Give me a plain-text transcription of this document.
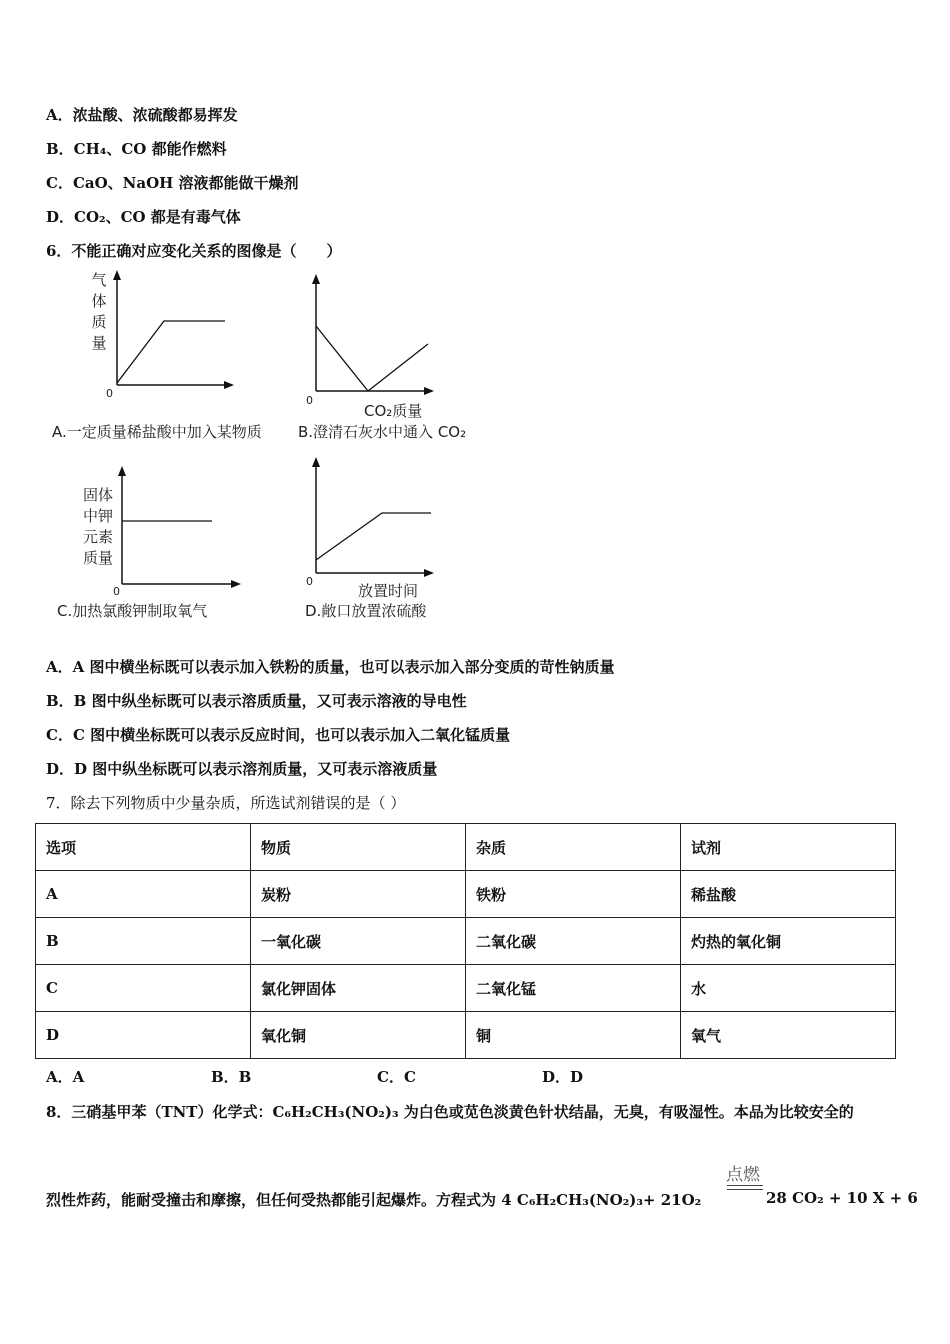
A．浓盐酸、浓硫酸都易挥发
B．CH₄、CO 都能作燃料
C．CaO、NaOH 溶液都能做干燥剂
D．CO₂、CO 都是有毒气体
6．不能正确对应变化关系的图像是（　　）
气
体
质
量
0
A.一定质量稀盐酸中加入某物质
0
CO₂质量
B.澄清石灰水中通入 CO₂
固体
中钾
元素
质量
0
C.加热氯酸钾制取氧气
0
放置时间
D.敞口放置浓硫酸
A．A 图中横坐标既可以表示加入铁粉的质量，也可以表示加入部分变质的苛性钠质量
B．B 图中纵坐标既可以表示溶质质量，又可表示溶液的导电性
C．C 图中横坐标既可以表示反应时间，也可以表示加入二氧化锰质量
D．D 图中纵坐标既可以表示溶剂质量，又可表示溶液质量
7．除去下列物质中少量杂质，所选试剂错误的是（ ）
选项	物质	杂质	试剂
A	炭粉	铁粉	稀盐酸
B	一氧化碳	二氧化碳	灼热的氧化铜
C	氯化钾固体	二氧化锰	水
D	氧化铜	铜	氧气
A．A	B．B	C．C	D．D
8．三硝基甲苯（TNT）化学式：C₆H₂CH₃(NO₂)₃ 为白色或苋色淡黄色针状结晶，无臭，有吸湿性。本品为比较安全的
点燃
烈性炸药，能耐受撞击和摩擦，但任何受热都能引起爆炸。方程式为 4 C₆H₂CH₃(NO₂)₃+ 21O₂	28 CO₂ + 10 X + 6
